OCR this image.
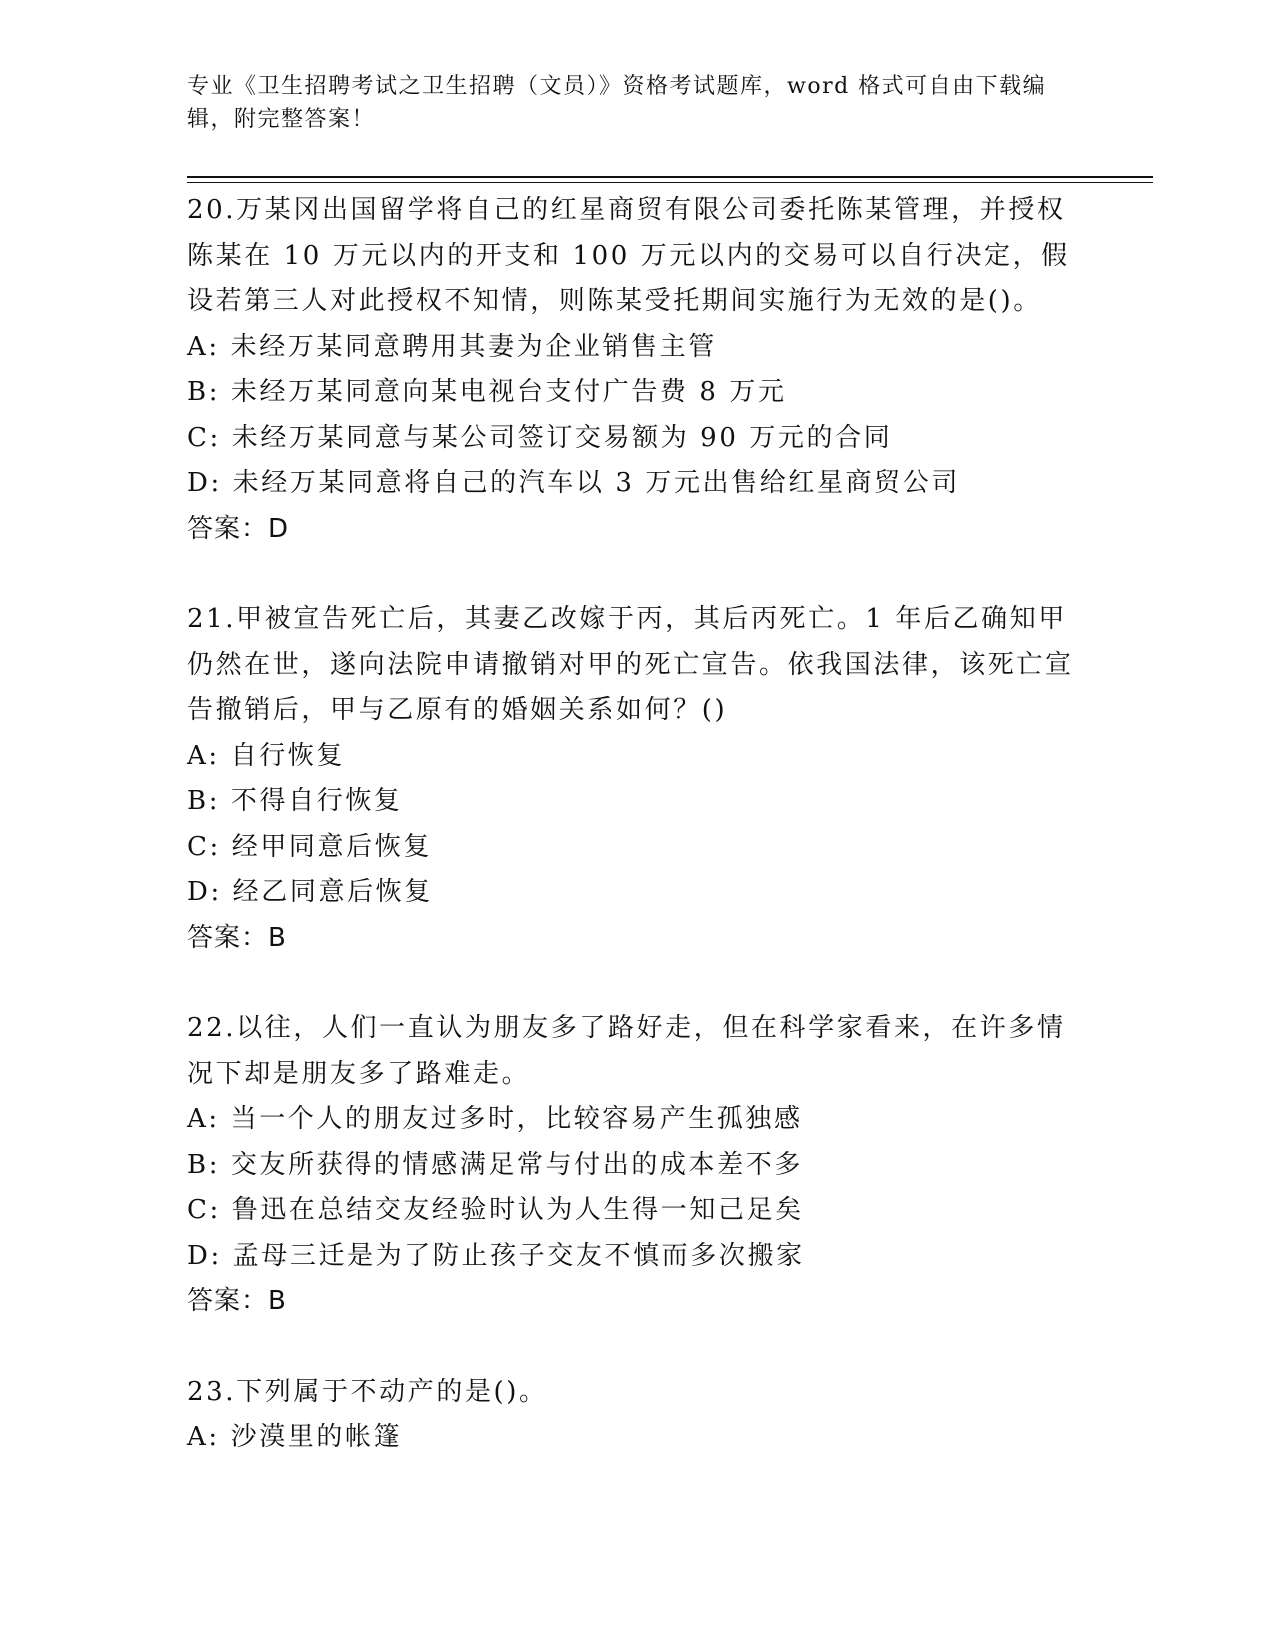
专业《卫生招聘考试之卫生招聘（文员）》资格考试题库，word 格式可自由下载编辑，附完整答案！

20.万某冈出国留学将自己的红星商贸有限公司委托陈某管理，并授权陈某在 10 万元以内的开支和 100 万元以内的交易可以自行决定，假设若第三人对此授权不知情，则陈某受托期间实施行为无效的是()。

A: 未经万某同意聘用其妻为企业销售主管

B: 未经万某同意向某电视台支付广告费 8 万元

C: 未经万某同意与某公司签订交易额为 90 万元的合同

D: 未经万某同意将自己的汽车以 3 万元出售给红星商贸公司

答案：D

21.甲被宣告死亡后，其妻乙改嫁于丙，其后丙死亡。1 年后乙确知甲仍然在世，遂向法院申请撤销对甲的死亡宣告。依我国法律，该死亡宣告撤销后，甲与乙原有的婚姻关系如何？()

A: 自行恢复

B: 不得自行恢复

C: 经甲同意后恢复

D: 经乙同意后恢复

答案：B

22.以往，人们一直认为朋友多了路好走，但在科学家看来，在许多情况下却是朋友多了路难走。

A: 当一个人的朋友过多时，比较容易产生孤独感

B: 交友所获得的情感满足常与付出的成本差不多

C: 鲁迅在总结交友经验时认为人生得一知己足矣

D: 孟母三迁是为了防止孩子交友不慎而多次搬家

答案：B

23.下列属于不动产的是()。

A: 沙漠里的帐篷
